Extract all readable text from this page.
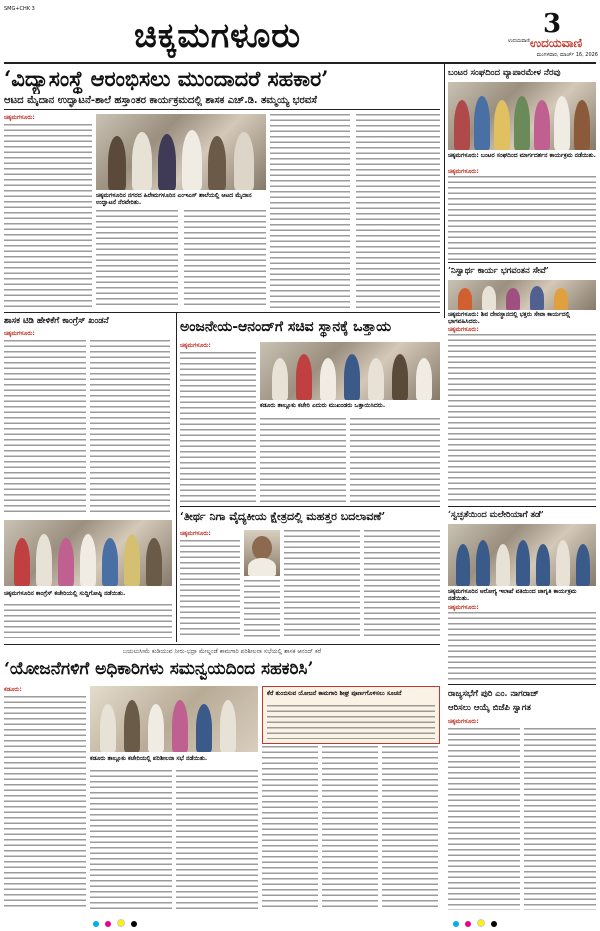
SMG+CHK 3
ಚಿಕ್ಕಮಗಳೂರು	3
ಉದಯವಾಣಿ ಉದಯವಾಣಿ
ಮಂಗಳವಾರ, ಮಾರ್ಚ್ 16, 2026
‘ವಿದ್ಯಾಸಂಸ್ಥೆ ಆರಂಭಿಸಲು ಮುಂದಾದರೆ ಸಹಕಾರ’
ಆಟದ ಮೈದಾನ ಉದ್ಘಾಟನೆ-ಶಾಲೆ ಹಸ್ತಾಂತರ ಕಾರ್ಯಕ್ರಮದಲ್ಲಿ ಶಾಸಕ ಎಚ್‌.ಡಿ. ತಮ್ಮಯ್ಯ ಭರವಸೆ
ಚಿಕ್ಕಮಗಳೂರು:
ಚಿಕ್ಕಮಗಳೂರಿನ ನಗರದ ಹಿರೇಮಗಳೂರಿನ ಎಂಇಎಸ್‌ ಶಾಲೆಯಲ್ಲಿ ಆಟದ ಮೈದಾನ ಉದ್ಘಾಟನೆ ನೆರವೇರಿತು.
ಬಂಟರ ಸಂಘದಿಂದ ವ್ಯಾಪಾರಮೇಳ ನೆರವು
ಚಿಕ್ಕಮಗಳೂರು: ಬಂಟರ ಸಂಘದಿಂದ ಮಾರ್ಗದರ್ಶನ ಕಾರ್ಯಕ್ರಮ ನಡೆಯಿತು.
ಚಿಕ್ಕಮಗಳೂರು:
‘ನಿಸ್ವಾರ್ಥ ಕಾರ್ಯ ಭಗವಂತನ ಸೇವೆ’
ಚಿಕ್ಕಮಗಳೂರು: ಶಿವ ದೇವಸ್ಥಾನದಲ್ಲಿ ಭಕ್ತರು ಸೇವಾ ಕಾರ್ಯದಲ್ಲಿ ಭಾಗವಹಿಸಿದರು.
ಚಿಕ್ಕಮಗಳೂರು:
ಶಾಸಕ ಟಿಡಿ ಹೇಳಿಕೆಗೆ ಕಾಂಗ್ರೆಸ್‌ ಖಂಡನೆ
ಚಿಕ್ಕಮಗಳೂರು:
ಚಿಕ್ಕಮಗಳೂರಿನ ಕಾಂಗ್ರೆಸ್‌ ಕಚೇರಿಯಲ್ಲಿ ಸುದ್ದಿಗೋಷ್ಠಿ ನಡೆಯಿತು.
ಅಂಜನೇಯ-ಆನಂದ್‌ಗೆ ಸಚಿವ ಸ್ಥಾನಕ್ಕೆ ಒತ್ತಾಯ
ಚಿಕ್ಕಮಗಳೂರು:
ಕಡೂರು ತಾಲ್ಲೂಕು ಕಚೇರಿ ಎದುರು ಮುಖಂಡರು ಒತ್ತಾಯಿಸಿದರು.
‘ತೀರ್ಥ ನಿಗಾ ವೈದ್ಯಕೀಯ ಕ್ಷೇತ್ರದಲ್ಲಿ ಮಹತ್ತರ ಬದಲಾವಣೆ’
ಚಿಕ್ಕಮಗಳೂರು:
‘ಸ್ವಚ್ಛತೆಯಿಂದ ಮಲೇರಿಯಾಗೆ ತಡೆ’
ಚಿಕ್ಕಮಗಳೂರಿನ ಆರೋಗ್ಯ ಇಲಾಖೆ ವತಿಯಿಂದ ಜಾಗೃತಿ ಕಾರ್ಯಕ್ರಮ ನಡೆಯಿತು.
ಚಿಕ್ಕಮಗಳೂರು:
ಬಯಲುಸೀಮೆ ಕುಡಿಯುವ ನೀರು-ಭದ್ರಾ ಮೇಲ್ದಂಡೆ ಕಾಮಗಾರಿ ಪರಿಶೀಲನಾ ಸಭೆಯಲ್ಲಿ ಶಾಸಕ ಆನಂದ್‌ ಕರೆ
‘ಯೋಜನೆಗಳಿಗೆ ಅಧಿಕಾರಿಗಳು ಸಮನ್ವಯದಿಂದ ಸಹಕರಿಸಿ’
ಕಡೂರು:
ಕಡೂರು ತಾಲ್ಲೂಕು ಕಚೇರಿಯಲ್ಲಿ ಪರಿಶೀಲನಾ ಸಭೆ ನಡೆಯಿತು.
ಕೆರೆ ತುಂಬಿಸುವ ಯೋಜನೆ ಕಾಮಗಾರಿ ಶೀಘ್ರ ಪೂರ್ಣಗೊಳಿಸಲು ಸೂಚನೆ	ರಾಜ್ಯಸಭೆಗೆ ಪುರಿ ಎಂ. ನಾಗರಾಜ್‌
ಆರಿಸಲು ಆಯ್ಕೆ ಬಿಜೆಪಿ ಸ್ವಾಗತ
ಚಿಕ್ಕಮಗಳೂರು:
